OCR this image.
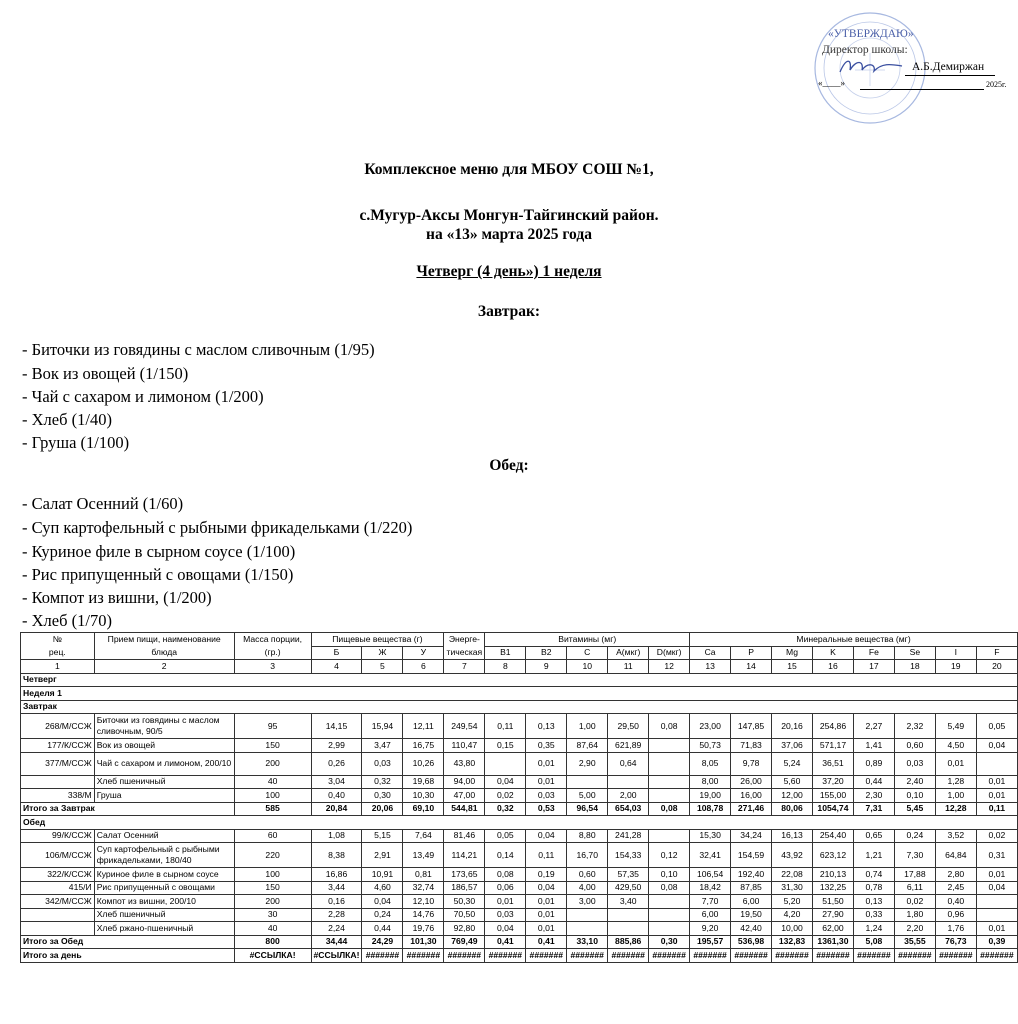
«УТВЕРЖДАЮ»
Директор школы:
А.Б.Демиржан
«____»	2025г.
Комплексное меню для МБОУ СОШ №1,
с.Мугур-Аксы Монгун-Тайгинский район.
на «13» марта 2025 года
Четверг (4 день») 1 неделя
Завтрак:
- Биточки из говядины с маслом сливочным (1/95)
- Вок из овощей (1/150)
- Чай с сахаром и лимоном (1/200)
- Хлеб (1/40)
- Груша (1/100)
Обед:
- Салат Осенний (1/60)
- Суп картофельный с рыбными фрикадельками (1/220)
- Куриное филе в сырном соусе (1/100)
- Рис припущенный с овощами (1/150)
- Компот из вишни, (1/200)
- Хлеб (1/70)
№	Прием пищи, наименование	Масса порции,	Пищевые вещества (г)			Энерге-	Витамины (мг)					Минеральные вещества (мг)							
рец.	блюда	(гр.)	Б	Ж	У	тическая	B1	B2	C	A(мкг)	D(мкг)	Ca	P	Mg	K	Fe	Se	I	F
1	2	3	4	5	6	7	8	9	10	11	12	13	14	15	16	17	18	19	20
Четверг																			
Неделя 1																			
Завтрак																			
268/М/ССЖ	Биточки из говядины с маслом сливочным, 90/5	95	14,15	15,94	12,11	249,54	0,11	0,13	1,00	29,50	0,08	23,00	147,85	20,16	254,86	2,27	2,32	5,49	0,05
177/К/ССЖ	Вок из овощей	150	2,99	3,47	16,75	110,47	0,15	0,35	87,64	621,89		50,73	71,83	37,06	571,17	1,41	0,60	4,50	0,04
377/М/ССЖ	Чай с сахаром и лимоном, 200/10	200	0,26	0,03	10,26	43,80		0,01	2,90	0,64		8,05	9,78	5,24	36,51	0,89	0,03	0,01	
	Хлеб пшеничный	40	3,04	0,32	19,68	94,00	0,04	0,01				8,00	26,00	5,60	37,20	0,44	2,40	1,28	0,01
338/М	Груша	100	0,40	0,30	10,30	47,00	0,02	0,03	5,00	2,00		19,00	16,00	12,00	155,00	2,30	0,10	1,00	0,01
Итого за Завтрак		585	20,84	20,06	69,10	544,81	0,32	0,53	96,54	654,03	0,08	108,78	271,46	80,06	1054,74	7,31	5,45	12,28	0,11
Обед																			
99/К/ССЖ	Салат Осенний	60	1,08	5,15	7,64	81,46	0,05	0,04	8,80	241,28		15,30	34,24	16,13	254,40	0,65	0,24	3,52	0,02
106/М/ССЖ	Суп картофельный с рыбными фрикадельками, 180/40	220	8,38	2,91	13,49	114,21	0,14	0,11	16,70	154,33	0,12	32,41	154,59	43,92	623,12	1,21	7,30	64,84	0,31
322/К/ССЖ	Куриное филе в сырном соусе	100	16,86	10,91	0,81	173,65	0,08	0,19	0,60	57,35	0,10	106,54	192,40	22,08	210,13	0,74	17,88	2,80	0,01
415/И	Рис припущенный с овощами	150	3,44	4,60	32,74	186,57	0,06	0,04	4,00	429,50	0,08	18,42	87,85	31,30	132,25	0,78	6,11	2,45	0,04
342/М/ССЖ	Компот из вишни, 200/10	200	0,16	0,04	12,10	50,30	0,01	0,01	3,00	3,40		7,70	6,00	5,20	51,50	0,13	0,02	0,40	
	Хлеб пшеничный	30	2,28	0,24	14,76	70,50	0,03	0,01				6,00	19,50	4,20	27,90	0,33	1,80	0,96	
	Хлеб ржано-пшеничный	40	2,24	0,44	19,76	92,80	0,04	0,01				9,20	42,40	10,00	62,00	1,24	2,20	1,76	0,01
Итого за Обед		800	34,44	24,29	101,30	769,49	0,41	0,41	33,10	885,86	0,30	195,57	536,98	132,83	1361,30	5,08	35,55	76,73	0,39
Итого за день		#ССЫЛКА!	#ССЫЛКА!	#######	#######	#######	#######	#######	#######	#######	#######	#######	#######	#######	#######	#######	#######	#######	#######
